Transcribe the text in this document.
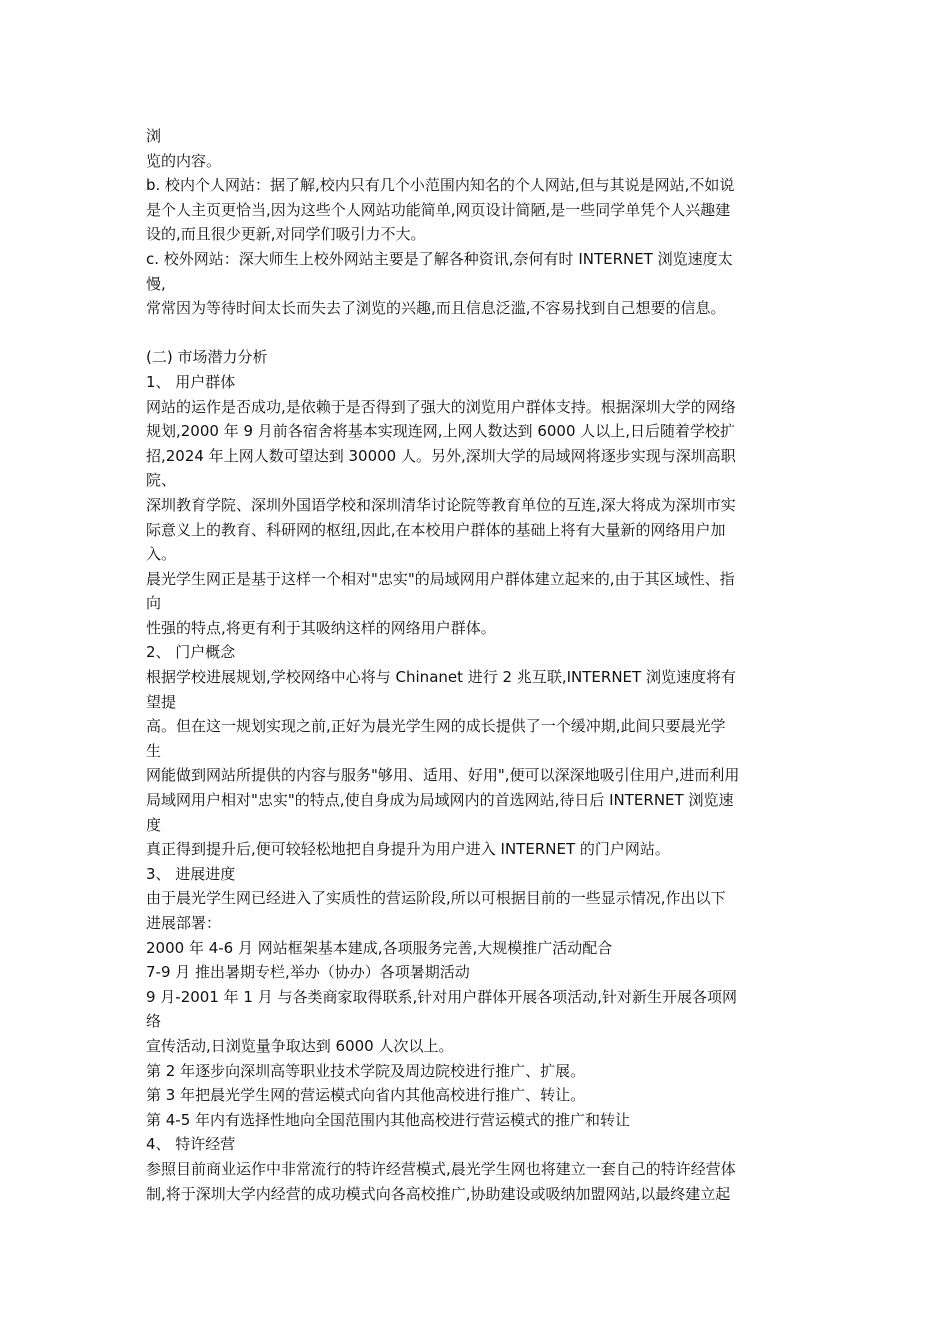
浏
览的内容。
b. 校内个人网站：据了解,校内只有几个小范围内知名的个人网站,但与其说是网站,不如说
是个人主页更恰当,因为这些个人网站功能简单,网页设计简陋,是一些同学单凭个人兴趣建
设的,而且很少更新,对同学们吸引力不大。
c. 校外网站：深大师生上校外网站主要是了解各种资讯,奈何有时 INTERNET 浏览速度太
慢,
常常因为等待时间太长而失去了浏览的兴趣,而且信息泛滥,不容易找到自己想要的信息。
(二) 市场潜力分析
1、 用户群体
网站的运作是否成功,是依赖于是否得到了强大的浏览用户群体支持。根据深圳大学的网络
规划,2000 年 9 月前各宿舍将基本实现连网,上网人数达到 6000 人以上,日后随着学校扩
招,2024 年上网人数可望达到 30000 人。另外,深圳大学的局域网将逐步实现与深圳高职
院、
深圳教育学院、深圳外国语学校和深圳清华讨论院等教育单位的互连,深大将成为深圳市实
际意义上的教育、科研网的枢纽,因此,在本校用户群体的基础上将有大量新的网络用户加
入。
晨光学生网正是基于这样一个相对"忠实"的局域网用户群体建立起来的,由于其区域性、指
向
性强的特点,将更有利于其吸纳这样的网络用户群体。
2、 门户概念
根据学校进展规划,学校网络中心将与 Chinanet 进行 2 兆互联,INTERNET 浏览速度将有
望提
高。但在这一规划实现之前,正好为晨光学生网的成长提供了一个缓冲期,此间只要晨光学
生
网能做到网站所提供的内容与服务"够用、适用、好用",便可以深深地吸引住用户,进而利用
局域网用户相对"忠实"的特点,使自身成为局域网内的首选网站,待日后 INTERNET 浏览速
度
真正得到提升后,便可较轻松地把自身提升为用户进入 INTERNET 的门户网站。
3、 进展进度
由于晨光学生网已经进入了实质性的营运阶段,所以可根据目前的一些显示情况,作出以下
进展部署：
2000 年 4-6 月 网站框架基本建成,各项服务完善,大规模推广活动配合
7-9 月 推出暑期专栏,举办（协办）各项暑期活动
9 月-2001 年 1 月 与各类商家取得联系,针对用户群体开展各项活动,针对新生开展各项网
络
宣传活动,日浏览量争取达到 6000 人次以上。
第 2 年逐步向深圳高等职业技术学院及周边院校进行推广、扩展。
第 3 年把晨光学生网的营运模式向省内其他高校进行推广、转让。
第 4-5 年内有选择性地向全国范围内其他高校进行营运模式的推广和转让
4、 特许经营
参照目前商业运作中非常流行的特许经营模式,晨光学生网也将建立一套自己的特许经营体
制,将于深圳大学内经营的成功模式向各高校推广,协助建设或吸纳加盟网站,以最终建立起
